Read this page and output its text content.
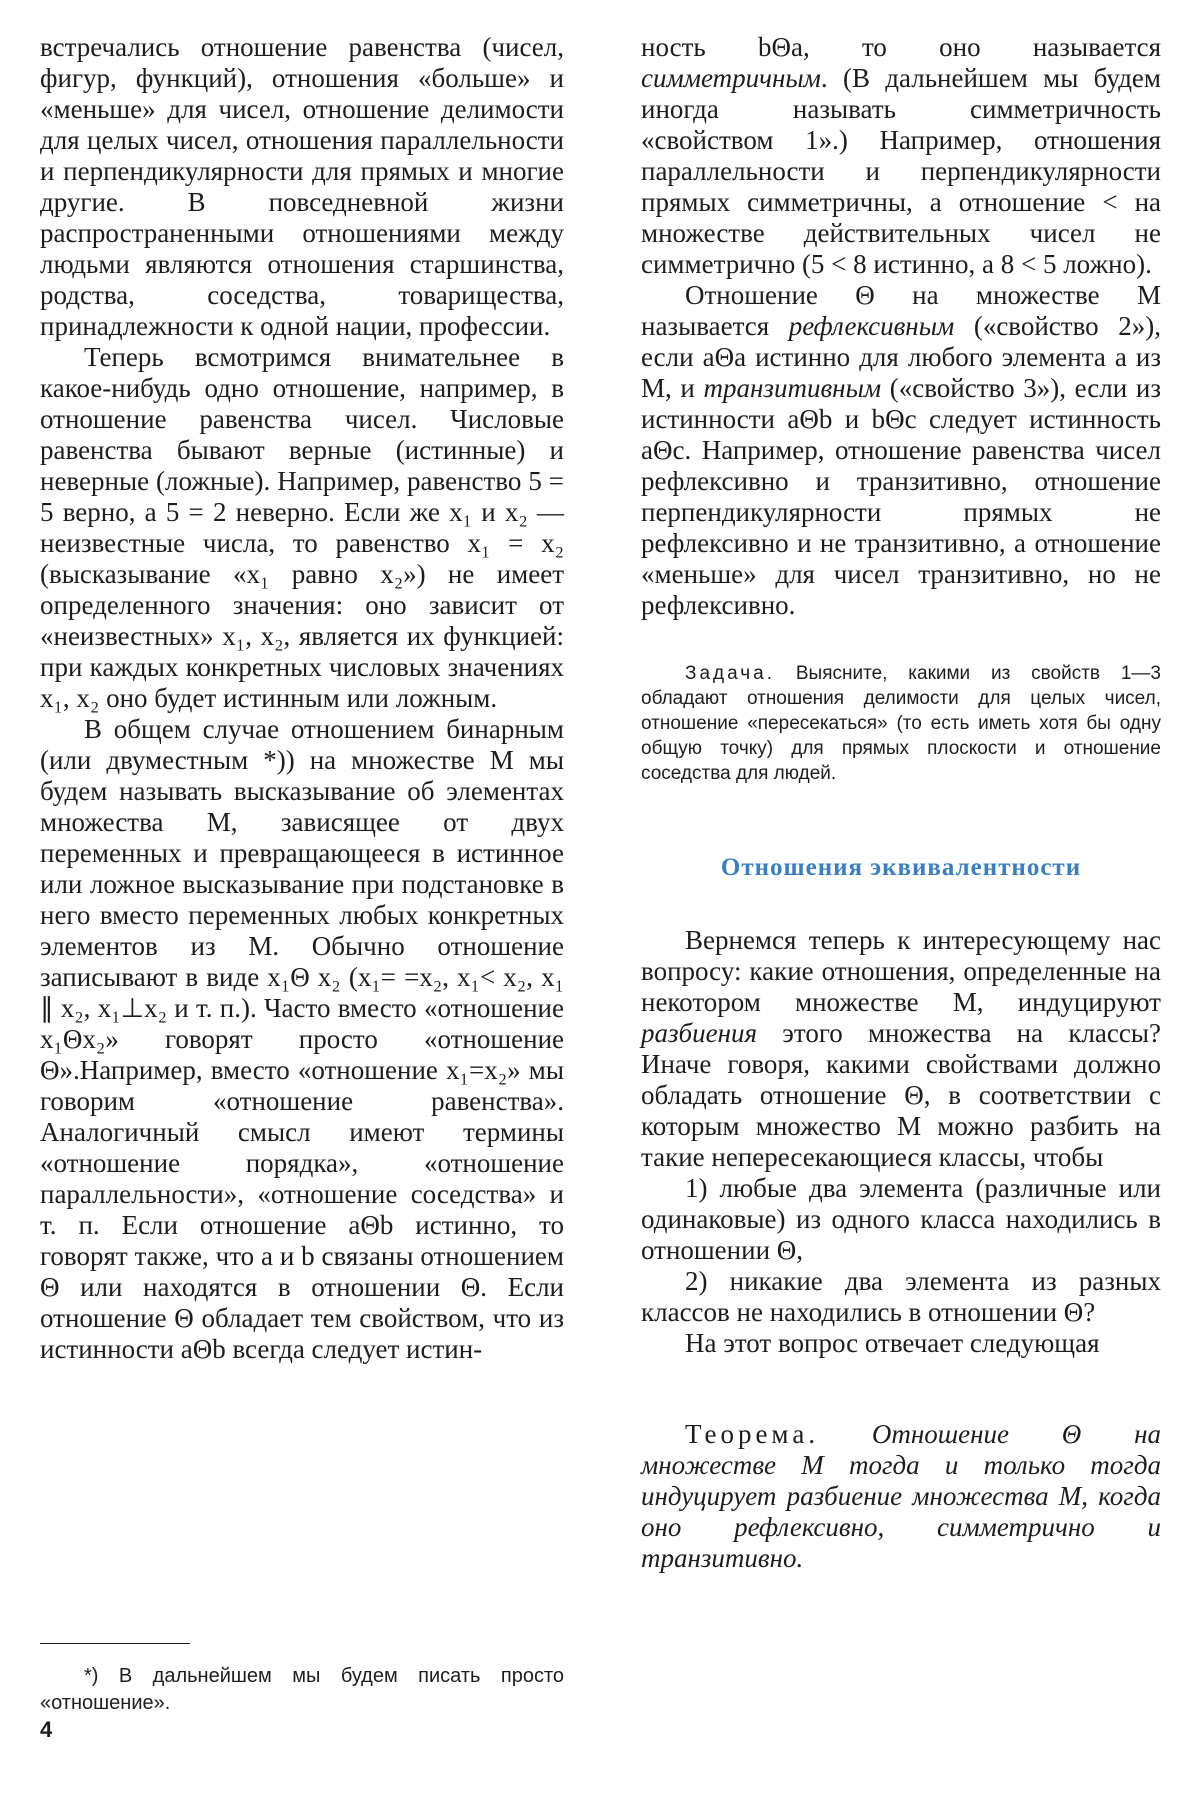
встречались отношение равенства (чисел, фигур, функций), отношения «больше» и «меньше» для чисел, отношение делимости для целых чисел, отношения параллельности и перпендикулярности для прямых и многие другие. В повседневной жизни распространенными отношениями между людьми являются отношения старшинства, родства, соседства, товарищества, принадлежности к одной нации, профессии.

Теперь всмотримся внимательнее в какое-нибудь одно отношение, например, в отношение равенства чисел. Числовые равенства бывают верные (истинные) и неверные (ложные). Например, равенство 5 = 5 верно, а 5 = 2 неверно. Если же x₁ и x₂ — неизвестные числа, то равенство x₁ = x₂ (высказывание «x₁ равно x₂») не имеет определенного значения: оно зависит от «неизвестных» x₁, x₂, является их функцией: при каждых конкретных числовых значениях x₁, x₂ оно будет истинным или ложным.

В общем случае отношением бинарным (или двуместным *)) на множестве M мы будем называть высказывание об элементах множества M, зависящее от двух переменных и превращающееся в истинное или ложное высказывание при подстановке в него вместо переменных любых конкретных элементов из M. Обычно отношение записывают в виде x₁Θ x₂ (x₁= =x₂, x₁< x₂, x₁ ∥ x₂, x₁⊥x₂ и т. п.). Часто вместо «отношение x₁Θx₂» говорят просто «отношение Θ».Например, вместо «отношение x₁=x₂» мы говорим «отношение равенства». Аналогичный смысл имеют термины «отношение порядка», «отношение параллельности», «отношение соседства» и т. п. Если отношение aΘb истинно, то говорят также, что a и b связаны отношением Θ или находятся в отношении Θ. Если отношение Θ обладает тем свойством, что из истинности aΘb всегда следует истин-

ность bΘa, то оно называется симметричным. (В дальнейшем мы будем иногда называть симметричность «свойством 1».) Например, отношения параллельности и перпендикулярности прямых симметричны, а отношение < на множестве действительных чисел не симметрично (5 < 8 истинно, а 8 < 5 ложно).

Отношение Θ на множестве M называется рефлексивным («свойство 2»), если aΘa истинно для любого элемента a из M, и транзитивным («свойство 3»), если из истинности aΘb и bΘc следует истинность aΘc. Например, отношение равенства чисел рефлексивно и транзитивно, отношение перпендикулярности прямых не рефлексивно и не транзитивно, а отношение «меньше» для чисел транзитивно, но не рефлексивно.

Задача. Выясните, какими из свойств 1—3 обладают отношения делимости для целых чисел, отношение «пересекаться» (то есть иметь хотя бы одну общую точку) для прямых плоскости и отношение соседства для людей.
Отношения эквивалентности

Вернемся теперь к интересующему нас вопросу: какие отношения, определенные на некотором множестве M, индуцируют разбиения этого множества на классы? Иначе говоря, какими свойствами должно обладать отношение Θ, в соответствии с которым множество M можно разбить на такие непересекающиеся классы, чтобы

1) любые два элемента (различные или одинаковые) из одного класса находились в отношении Θ,

2) никакие два элемента из разных классов не находились в отношении Θ?

На этот вопрос отвечает следующая

Теорема. Отношение Θ на множестве M тогда и только тогда индуцирует разбиение множества M, когда оно рефлексивно, симметрично и транзитивно.

*) В дальнейшем мы будем писать просто «отношение».
4
